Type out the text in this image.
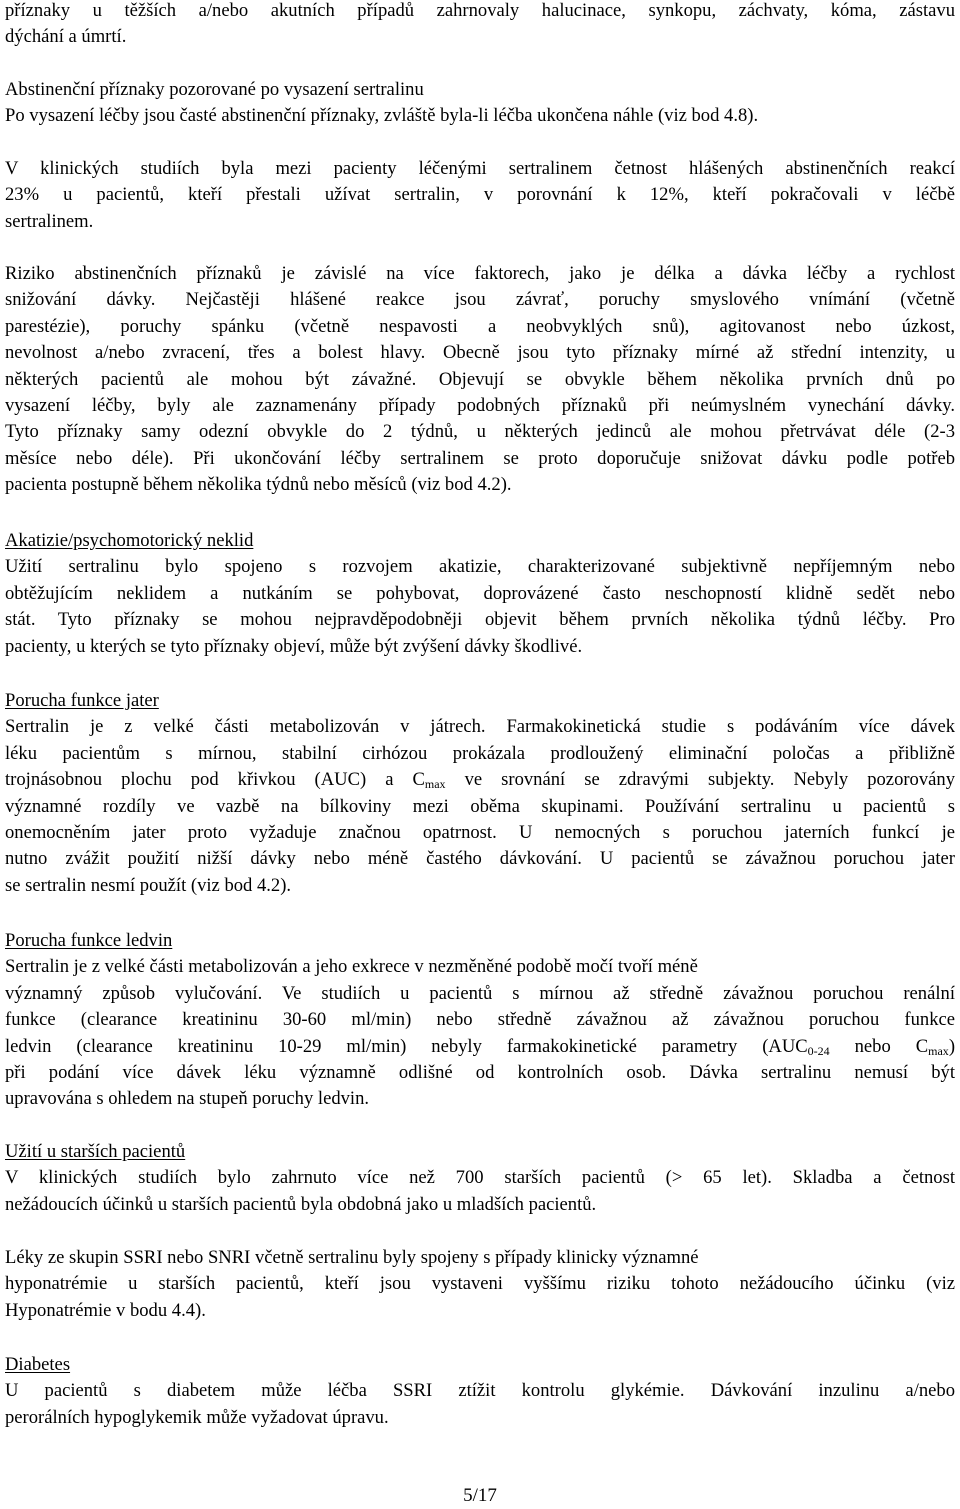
příznaky u těžších a/nebo akutních případů zahrnovaly halucinace, synkopu, záchvaty, kóma, zástavu

dýchání a úmrtí.

Abstinenční příznaky pozorované po vysazení sertralinu

Po vysazení léčby jsou časté abstinenční příznaky, zvláště byla-li léčba ukončena náhle (viz bod 4.8).

V klinických studiích byla mezi pacienty léčenými sertralinem četnost hlášených abstinenčních reakcí

23% u pacientů, kteří přestali užívat sertralin, v porovnání k 12%, kteří pokračovali v léčbě

sertralinem.

Riziko abstinenčních příznaků je závislé na více faktorech, jako je délka a dávka léčby a rychlost

snižování dávky. Nejčastěji hlášené reakce jsou závrať, poruchy smyslového vnímání (včetně

parestézie), poruchy spánku (včetně nespavosti a neobvyklých snů), agitovanost nebo úzkost,

nevolnost a/nebo zvracení, třes a bolest hlavy. Obecně jsou tyto příznaky mírné až střední intenzity, u

některých pacientů ale mohou být závažné. Objevují se obvykle během několika prvních dnů po

vysazení léčby, byly ale zaznamenány případy podobných příznaků při neúmyslném vynechání dávky.

Tyto příznaky samy odezní obvykle do 2 týdnů, u některých jedinců ale mohou přetrvávat déle (2-3

měsíce nebo déle). Při ukončování léčby sertralinem se proto doporučuje snižovat dávku podle potřeb

pacienta postupně během několika týdnů nebo měsíců (viz bod 4.2).

Akatizie/psychomotorický neklid

Užití sertralinu bylo spojeno s rozvojem akatizie, charakterizované subjektivně nepříjemným nebo

obtěžujícím neklidem a nutkáním se pohybovat, doprovázené často neschopností klidně sedět nebo

stát. Tyto příznaky se mohou nejpravděpodobněji objevit během prvních několika týdnů léčby. Pro

pacienty, u kterých se tyto příznaky objeví, může být zvýšení dávky škodlivé.

Porucha funkce jater

Sertralin je z velké části metabolizován v játrech. Farmakokinetická studie s podáváním více dávek

léku pacientům s mírnou, stabilní cirhózou prokázala prodloužený eliminační poločas a přibližně

trojnásobnou plochu pod křivkou (AUC) a $C_{max}$ ve srovnání se zdravými subjekty. Nebyly pozorovány

významné rozdíly ve vazbě na bílkoviny mezi oběma skupinami. Používání sertralinu u pacientů s

onemocněním jater proto vyžaduje značnou opatrnost. U nemocných s poruchou jaterních funkcí je

nutno zvážit použití nižší dávky nebo méně častého dávkování. U pacientů se závažnou poruchou jater

se sertralin nesmí použít (viz bod 4.2).

Porucha funkce ledvin

Sertralin je z velké části metabolizován a jeho exkrece v nezměněné podobě močí tvoří méně

významný způsob vylučování. Ve studiích u pacientů s mírnou až středně závažnou poruchou renální

funkce (clearance kreatininu 30-60 ml/min) nebo středně závažnou až závažnou poruchou funkce

ledvin (clearance kreatininu 10-29 ml/min) nebyly farmakokinetické parametry ($AUC_{0-24}$ nebo $C_{max}$)

při podání více dávek léku významně odlišné od kontrolních osob. Dávka sertralinu nemusí být

upravována s ohledem na stupeň poruchy ledvin.

Užití u starších pacientů

V klinických studiích bylo zahrnuto více než 700 starších pacientů (> 65 let). Skladba a četnost

nežádoucích účinků u starších pacientů byla obdobná jako u mladších pacientů.

Léky ze skupin SSRI nebo SNRI včetně sertralinu byly spojeny s případy klinicky významné

hyponatrémie u starších pacientů, kteří jsou vystaveni vyššímu riziku tohoto nežádoucího účinku (viz

Hyponatrémie v bodu 4.4).

Diabetes

U pacientů s diabetem může léčba SSRI ztížit kontrolu glykémie. Dávkování inzulinu a/nebo

perorálních hypoglykemik může vyžadovat úpravu.

5/17
